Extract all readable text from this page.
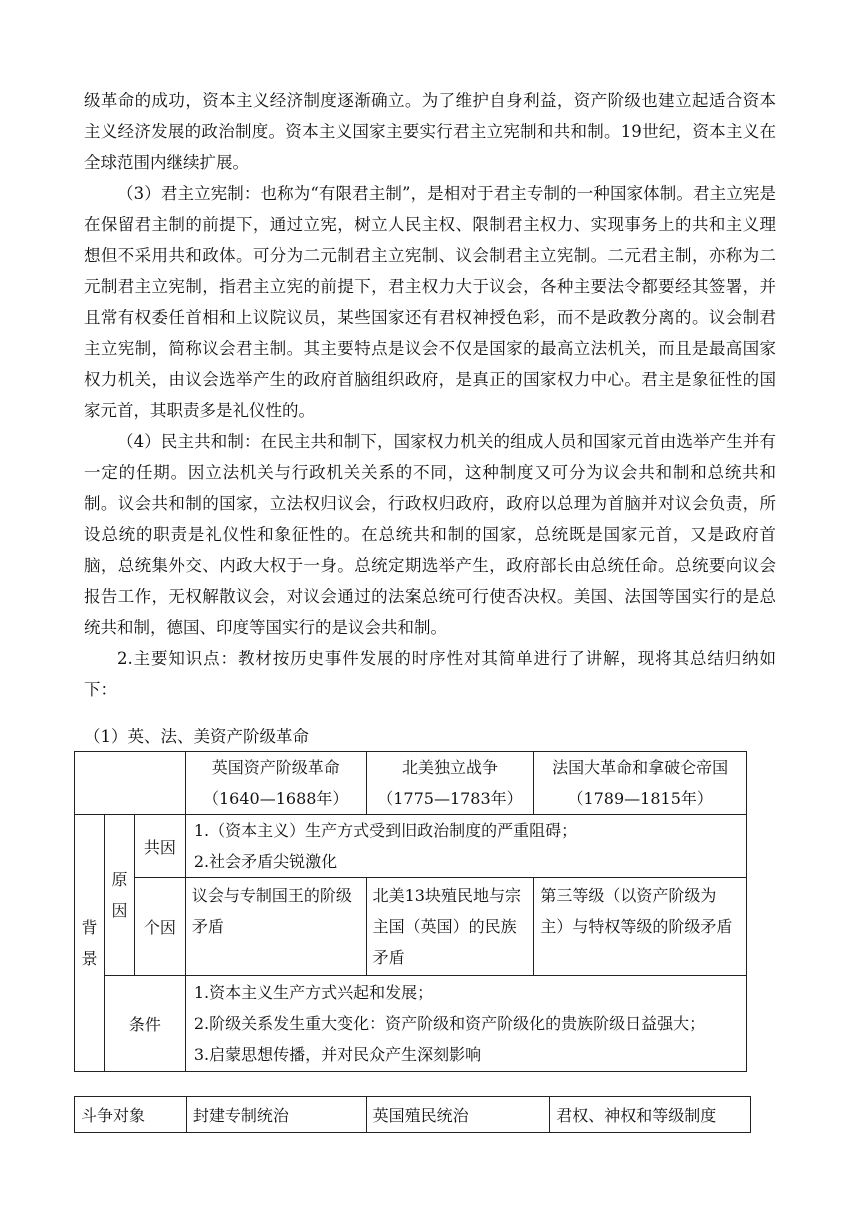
级革命的成功，资本主义经济制度逐渐确立。为了维护自身利益，资产阶级也建立起适合资本主义经济发展的政治制度。资本主义国家主要实行君主立宪制和共和制。19世纪，资本主义在全球范围内继续扩展。
（3）君主立宪制：也称为“有限君主制”，是相对于君主专制的一种国家体制。君主立宪是在保留君主制的前提下，通过立宪，树立人民主权、限制君主权力、实现事务上的共和主义理想但不采用共和政体。可分为二元制君主立宪制、议会制君主立宪制。二元君主制，亦称为二元制君主立宪制，指君主立宪的前提下，君主权力大于议会，各种主要法令都要经其签署，并且常有权委任首相和上议院议员，某些国家还有君权神授色彩，而不是政教分离的。议会制君主立宪制，简称议会君主制。其主要特点是议会不仅是国家的最高立法机关，而且是最高国家权力机关，由议会选举产生的政府首脑组织政府，是真正的国家权力中心。君主是象征性的国家元首，其职责多是礼仪性的。
（4）民主共和制：在民主共和制下，国家权力机关的组成人员和国家元首由选举产生并有一定的任期。因立法机关与行政机关关系的不同，这种制度又可分为议会共和制和总统共和制。议会共和制的国家，立法权归议会，行政权归政府，政府以总理为首脑并对议会负责，所设总统的职责是礼仪性和象征性的。在总统共和制的国家，总统既是国家元首，又是政府首脑，总统集外交、内政大权于一身。总统定期选举产生，政府部长由总统任命。总统要向议会报告工作，无权解散议会，对议会通过的法案总统可行使否决权。美国、法国等国实行的是总统共和制，德国、印度等国实行的是议会共和制。
2.主要知识点：教材按历史事件发展的时序性对其简单进行了讲解，现将其总结归纳如下：
（1）英、法、美资产阶级革命

			英国资产阶级革命
（1640—1688年）	北美独立战争
（1775—1783年）	法国大革命和拿破仑帝国
（1789—1815年）

背景	原因	共因	1.（资本主义）生产方式受到旧政治制度的严重阻碍；
2.社会矛盾尖锐激化		

		个因	议会与专制国王的阶级矛盾	北美13块殖民地与宗主国（英国）的民族矛盾	第三等级（以资产阶级为主）与特权等级的阶级矛盾

	条件		1.资本主义生产方式兴起和发展；
2.阶级关系发生重大变化：资产阶级和资产阶级化的贵族阶级日益强大；
3.启蒙思想传播，并对民众产生深刻影响		
斗争对象	封建专制统治	英国殖民统治	君权、神权和等级制度
